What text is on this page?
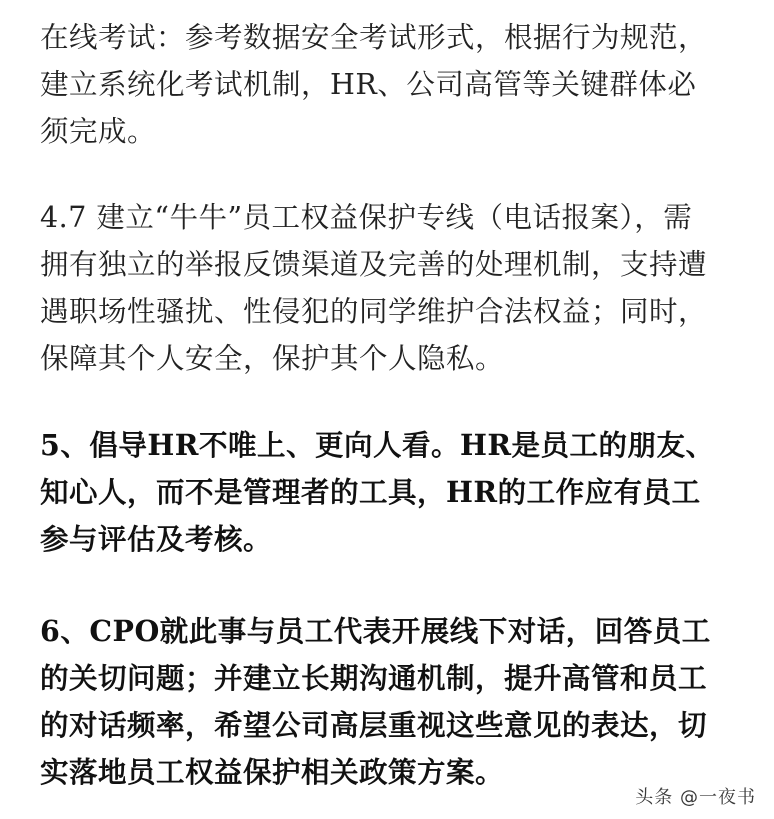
在线考试：参考数据安全考试形式，根据行为规范，
建立系统化考试机制，HR、公司高管等关键群体必
须完成。

4.7 建立“牛牛”员工权益保护专线（电话报案），需
拥有独立的举报反馈渠道及完善的处理机制，支持遭
遇职场性骚扰、性侵犯的同学维护合法权益；同时，
保障其个人安全，保护其个人隐私。

5、倡导HR不唯上、更向人看。HR是员工的朋友、
知心人，而不是管理者的工具，HR的工作应有员工
参与评估及考核。

6、CPO就此事与员工代表开展线下对话，回答员工
的关切问题；并建立长期沟通机制，提升高管和员工
的对话频率，希望公司高层重视这些意见的表达，切
实落地员工权益保护相关政策方案。

头条 @一夜书
